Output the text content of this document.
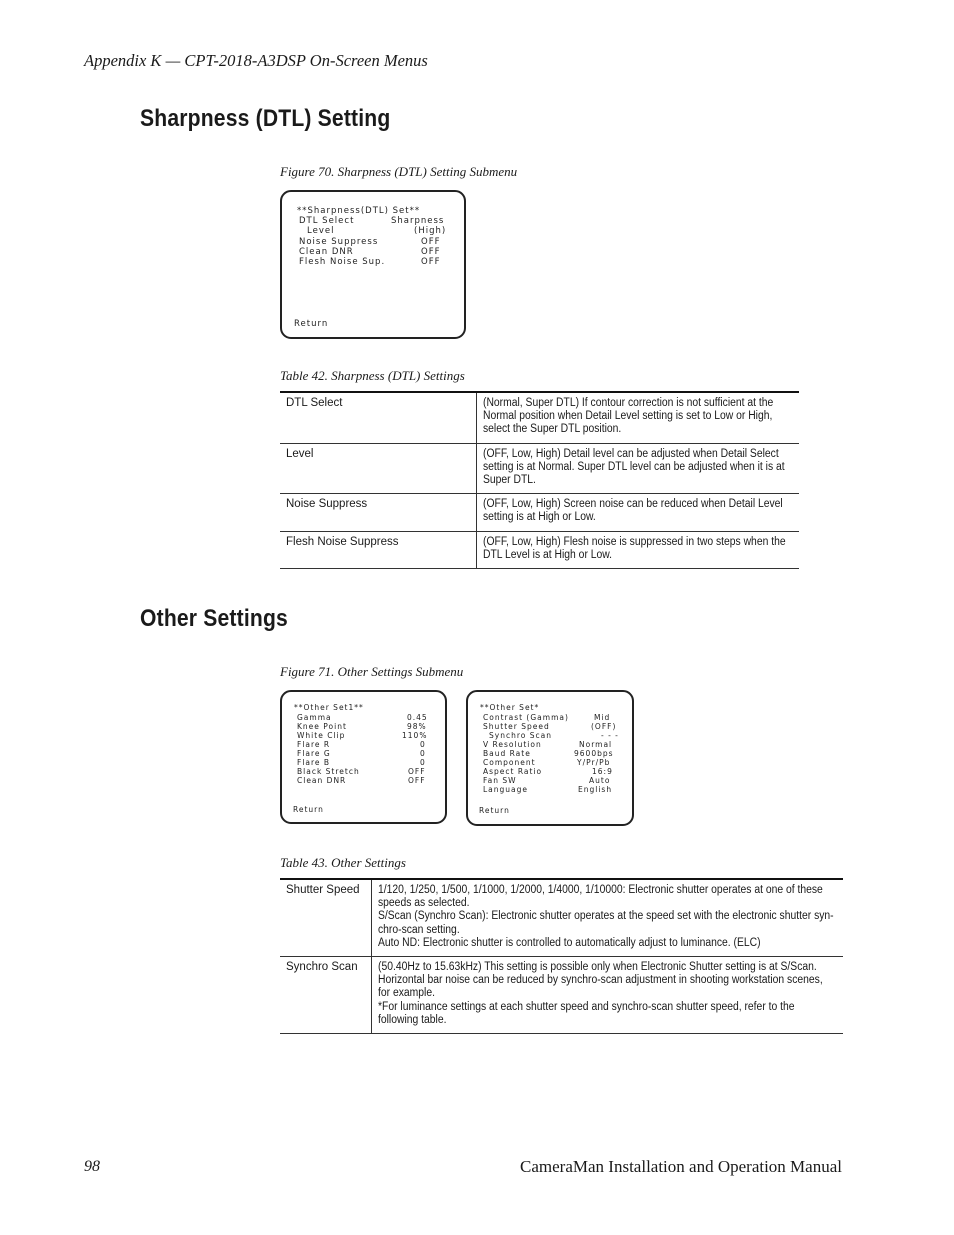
Appendix K — CPT-2018-A3DSP On-Screen Menus
Sharpness (DTL) Setting
Figure 70. Sharpness (DTL) Setting Submenu
**Sharpness(DTL) Set**
DTL Select	Sharpness
Level	(High)
Noise Suppress	OFF
Clean DNR	OFF
Flesh Noise Sup.	OFF
Return
Table 42. Sharpness (DTL) Settings
DTL Select	(Normal, Super DTL) If contour correction is not sufficient at the Normal position when Detail Level setting is set to Low or High, select the Super DTL position.
Level	(OFF, Low, High) Detail level can be adjusted when Detail Select setting is at Normal. Super DTL level can be adjusted when it is at Super DTL.
Noise Suppress	(OFF, Low, High) Screen noise can be reduced when Detail Level setting is at High or Low.
Flesh Noise Suppress	(OFF, Low, High) Flesh noise is suppressed in two steps when the DTL Level is at High or Low.
Other Settings
Figure 71. Other Settings Submenu
**Other Set1**
Gamma	0.45
Knee Point	98%
White Clip	110%
Flare R	0
Flare G	0
Flare B	0
Black Stretch	OFF
Clean DNR	OFF
Return
**Other Set*
Contrast (Gamma)	Mid
Shutter Speed	(OFF)
Synchro Scan	- - -
V Resolution	Normal
Baud Rate	9600bps
Component	Y/Pr/Pb
Aspect Ratio	16:9
Fan SW	Auto
Language	English
Return
Table 43. Other Settings
Shutter Speed	1/120, 1/250, 1/500, 1/1000, 1/2000, 1/4000, 1/10000: Electronic shutter operates at one of these speeds as selected.
S/Scan (Synchro Scan): Electronic shutter operates at the speed set with the electronic shutter syn-chro-scan setting.
Auto ND: Electronic shutter is controlled to automatically adjust to luminance. (ELC)

Synchro Scan	(50.40Hz to 15.63kHz) This setting is possible only when Electronic Shutter setting is at S/Scan. Horizontal bar noise can be reduced by synchro-scan adjustment in shooting workstation scenes, for example.
*For luminance settings at each shutter speed and synchro-scan shutter speed, refer to the following table.
98	CameraMan Installation and Operation Manual
